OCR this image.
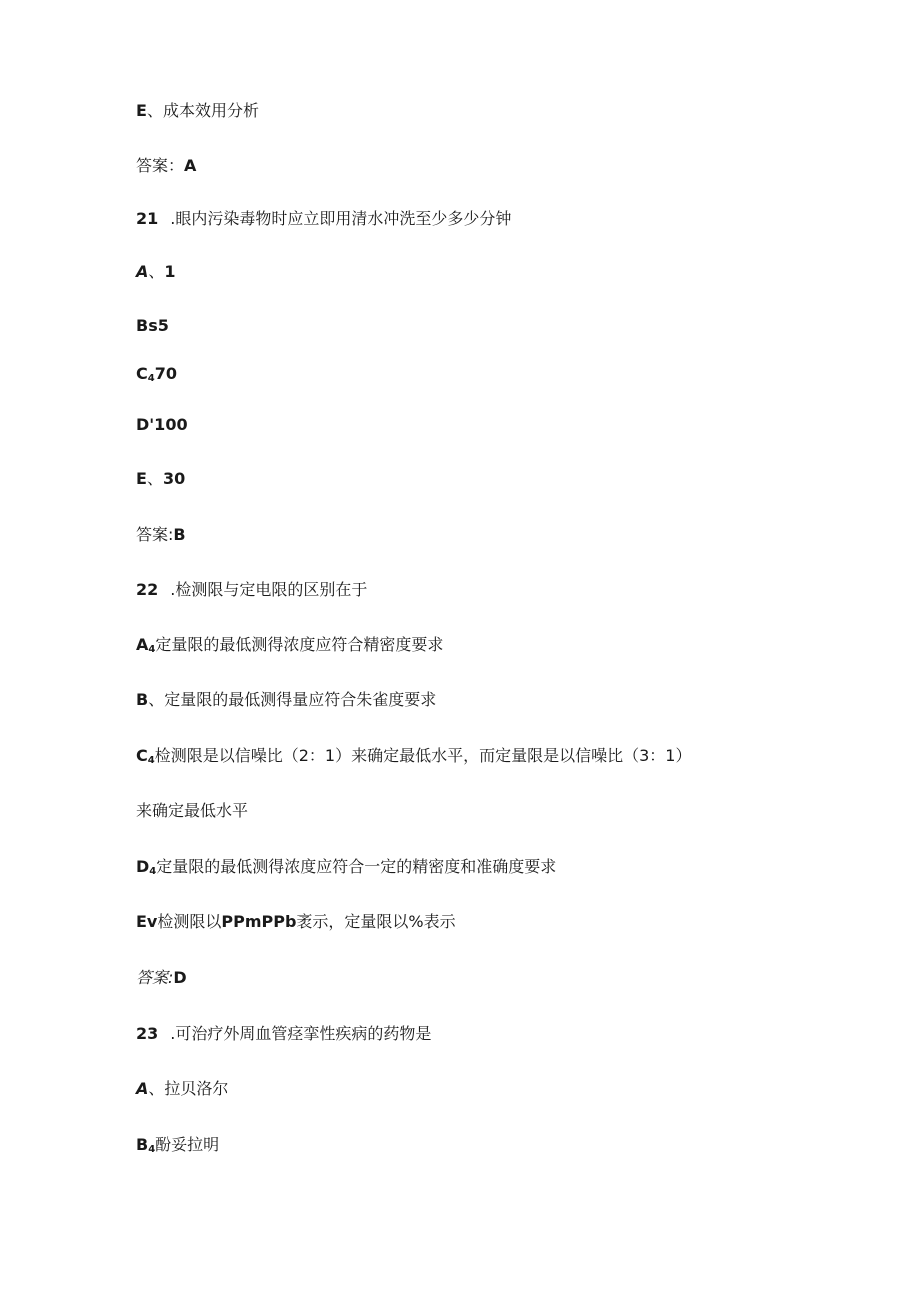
E、成本效用分析
答案：A
21 .眼内污染毒物时应立即用清水冲洗至少多少分钟
A、1
Bs5
$C_470$
D'100
E、30
答案:B
22 .检测限与定电限的区别在于
$A_4$定量限的最低测得浓度应符合精密度要求
B、定量限的最低测得量应符合朱雀度要求
$C_4$检测限是以信噪比（2：1）来确定最低水平，而定量限是以信噪比（3：1）
来确定最低水平
$D_4$定量限的最低测得浓度应符合一定的精密度和准确度要求
Ev检测限以PPmPPb袤示，定量限以%表示
答案:D
23 .可治疗外周血管痉挛性疾病的药物是
A、拉贝洛尔
$B_4$酚妥拉明
